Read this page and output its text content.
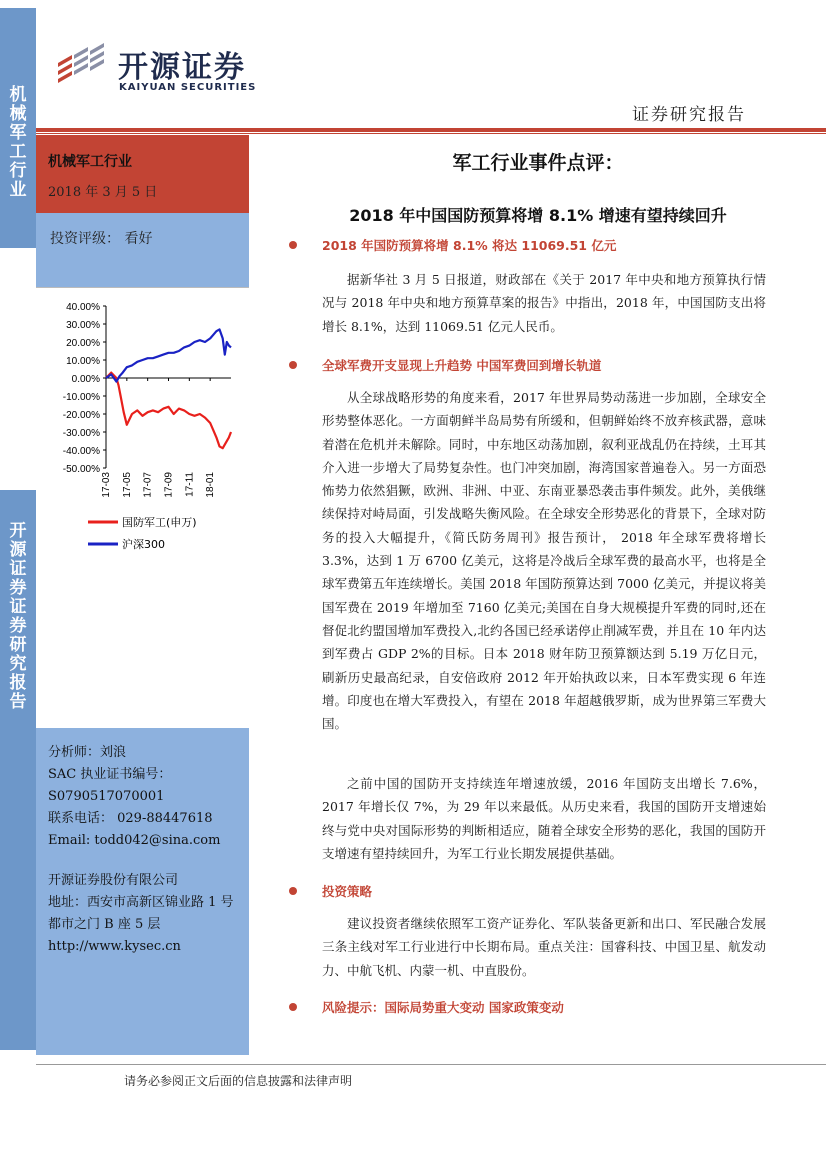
机械军工行业
开源证券 证券研究报告
开源证券
KAIYUAN SECURITIES
证券研究报告
机械军工行业
2018 年 3 月 5 日
投资评级： 看好
40.00%
30.00%
20.00%
10.00%
0.00%
-10.00%
-20.00%
-30.00%
-40.00%
-50.00%
17-03 17-05 17-07 17-09 17-11 18-01
国防军工(申万)
沪深300
分析师：刘浪
SAC 执业证书编号：
S0790517070001
联系电话： 029-88447618
Email: todd042@sina.com
开源证券股份有限公司
地址：西安市高新区锦业路 1 号
都市之门 B 座 5 层
http://www.kysec.cn
军工行业事件点评：
2018 年中国国防预算将增 8.1% 增速有望持续回升
2018 年国防预算将增 8.1% 将达 11069.51 亿元
据新华社 3 月 5 日报道，财政部在《关于 2017 年中央和地方预算执行情况与 2018 年中央和地方预算草案的报告》中指出，2018 年，中国国防支出将增长 8.1%，达到 11069.51 亿元人民币。
全球军费开支显现上升趋势 中国军费回到增长轨道
从全球战略形势的角度来看，2017 年世界局势动荡进一步加剧，全球安全形势整体恶化。一方面朝鲜半岛局势有所缓和，但朝鲜始终不放弃核武器，意味着潜在危机并未解除。同时，中东地区动荡加剧，叙利亚战乱仍在持续，土耳其介入进一步增大了局势复杂性。也门冲突加剧，海湾国家普遍卷入。另一方面恐怖势力依然猖獗，欧洲、非洲、中亚、东南亚暴恐袭击事件频发。此外，美俄继续保持对峙局面，引发战略失衡风险。在全球安全形势恶化的背景下，全球对防务的投入大幅提升，《简氏防务周刊》报告预计， 2018 年全球军费将增长 3.3%，达到 1 万 6700 亿美元，这将是冷战后全球军费的最高水平，也将是全球军费第五年连续增长。美国 2018 年国防预算达到 7000 亿美元，并提议将美国军费在 2019 年增加至 7160 亿美元;美国在自身大规模提升军费的同时,还在督促北约盟国增加军费投入,北约各国已经承诺停止削减军费，并且在 10 年内达到军费占 GDP 2%的目标。日本 2018 财年防卫预算额达到 5.19 万亿日元，刷新历史最高纪录，自安倍政府 2012 年开始执政以来，日本军费实现 6 年连增。印度也在增大军费投入，有望在 2018 年超越俄罗斯，成为世界第三军费大国。
之前中国的国防开支持续连年增速放缓，2016 年国防支出增长 7.6%，2017 年增长仅 7%，为 29 年以来最低。从历史来看，我国的国防开支增速始终与党中央对国际形势的判断相适应，随着全球安全形势的恶化，我国的国防开支增速有望持续回升，为军工行业长期发展提供基础。
投资策略
建议投资者继续依照军工资产证券化、军队装备更新和出口、军民融合发展三条主线对军工行业进行中长期布局。重点关注：国睿科技、中国卫星、航发动力、中航飞机、内蒙一机、中直股份。
风险提示：国际局势重大变动 国家政策变动
请务必参阅正文后面的信息披露和法律声明
